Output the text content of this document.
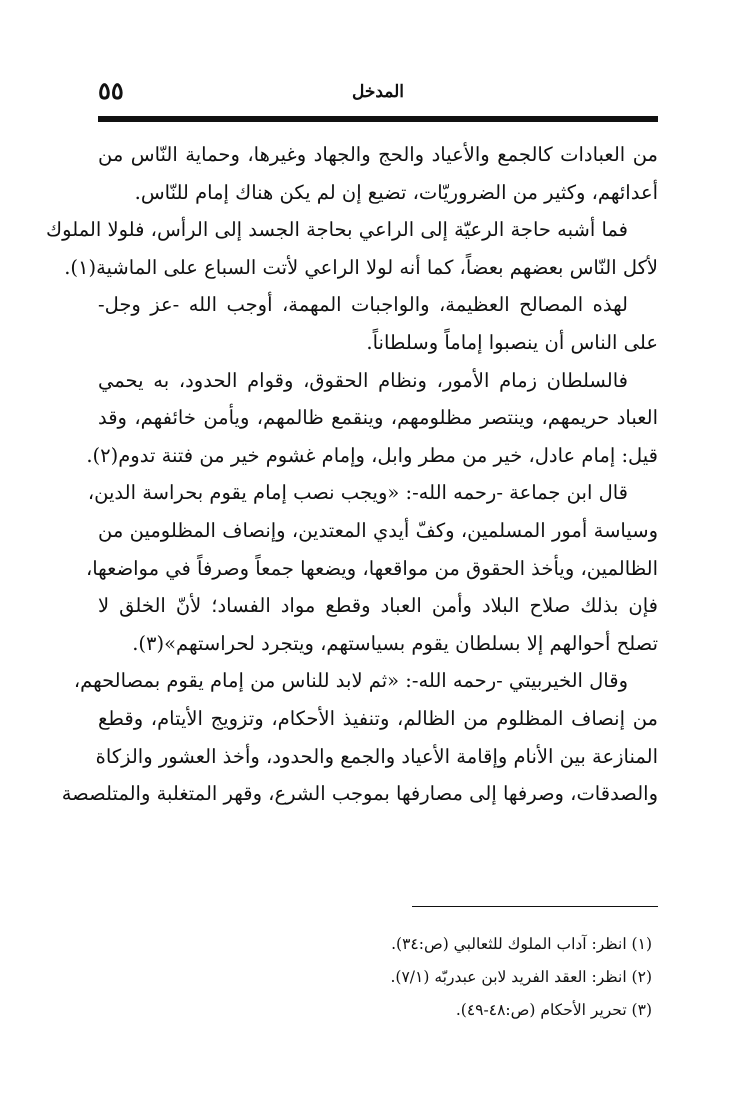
المدخل
٥٥
من العبادات كالجمع والأعياد والحج والجهاد وغيرها، وحماية النّاس من
أعدائهم، وكثير من الضروريّات، تضيع إن لم يكن هناك إمام للنّاس.
فما أشبه حاجة الرعيّة إلى الراعي بحاجة الجسد إلى الرأس، فلولا الملوك
لأكل النّاس بعضهم بعضاً، كما أنه لولا الراعي لأتت السباع على الماشية(١).
لهذه المصالح العظيمة، والواجبات المهمة، أوجب الله -عز وجل-
على الناس أن ينصبوا إماماً وسلطاناً.
فالسلطان زمام الأمور، ونظام الحقوق، وقوام الحدود، به يحمي
العباد حريمهم، وينتصر مظلومهم، وينقمع ظالمهم، ويأمن خائفهم، وقد
قيل: إمام عادل، خير من مطر وابل، وإمام غشوم خير من فتنة تدوم(٢).
قال ابن جماعة -رحمه الله-: «ويجب نصب إمام يقوم بحراسة الدين،
وسياسة أمور المسلمين، وكفّ أيدي المعتدين، وإنصاف المظلومين من
الظالمين، ويأخذ الحقوق من مواقعها، ويضعها جمعاً وصرفاً في مواضعها،
فإن بذلك صلاح البلاد وأمن العباد وقطع مواد الفساد؛ لأنّ الخلق لا
تصلح أحوالهم إلا بسلطان يقوم بسياستهم، ويتجرد لحراستهم»(٣).
وقال الخيربيتي -رحمه الله-: «ثم لابد للناس من إمام يقوم بمصالحهم،
من إنصاف المظلوم من الظالم، وتنفيذ الأحكام، وتزويج الأيتام، وقطع
المنازعة بين الأنام وإقامة الأعياد والجمع والحدود، وأخذ العشور والزكاة
والصدقات، وصرفها إلى مصارفها بموجب الشرع، وقهر المتغلبة والمتلصصة
(١) انظر: آداب الملوك للثعالبي (ص:٣٤).
(٢) انظر: العقد الفريد لابن عبدربّه (٧/١).
(٣) تحرير الأحكام (ص:٤٨-٤٩).
